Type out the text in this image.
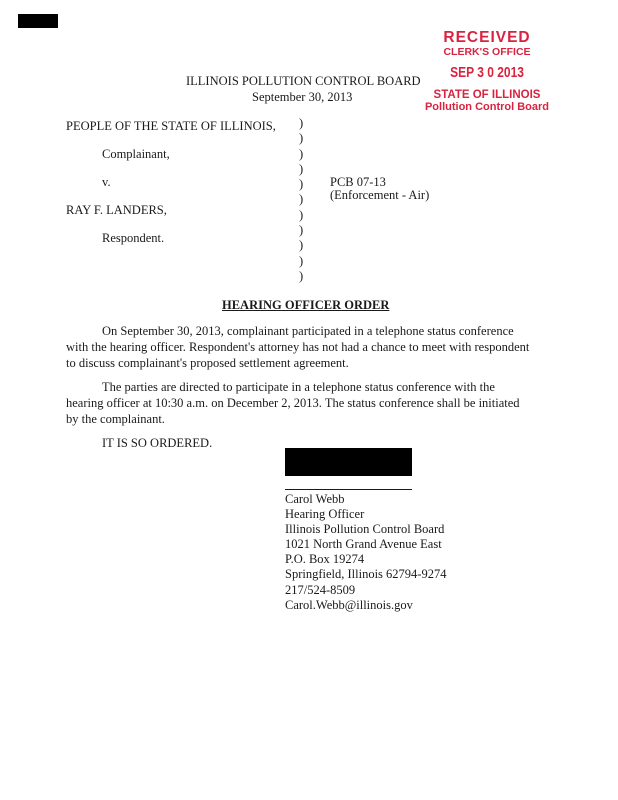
RECEIVED
CLERK'S OFFICE
SEP 3 0 2013
STATE OF ILLINOIS
Pollution Control Board
ILLINOIS POLLUTION CONTROL BOARD
September 30, 2013
PEOPLE OF THE STATE OF ILLINOIS,
Complainant,
v.
RAY F. LANDERS,
Respondent.
)
)
)
)
)
)
)
)
)
)
)
PCB 07-13
(Enforcement - Air)
HEARING OFFICER ORDER
On September 30, 2013, complainant participated in a telephone status conference with the hearing officer. Respondent's attorney has not had a chance to meet with respondent to discuss complainant's proposed settlement agreement.
The parties are directed to participate in a telephone status conference with the hearing officer at 10:30 a.m. on December 2, 2013. The status conference shall be initiated by the complainant.
IT IS SO ORDERED.
Carol Webb
Hearing Officer
Illinois Pollution Control Board
1021 North Grand Avenue East
P.O. Box 19274
Springfield, Illinois 62794-9274
217/524-8509
Carol.Webb@illinois.gov
